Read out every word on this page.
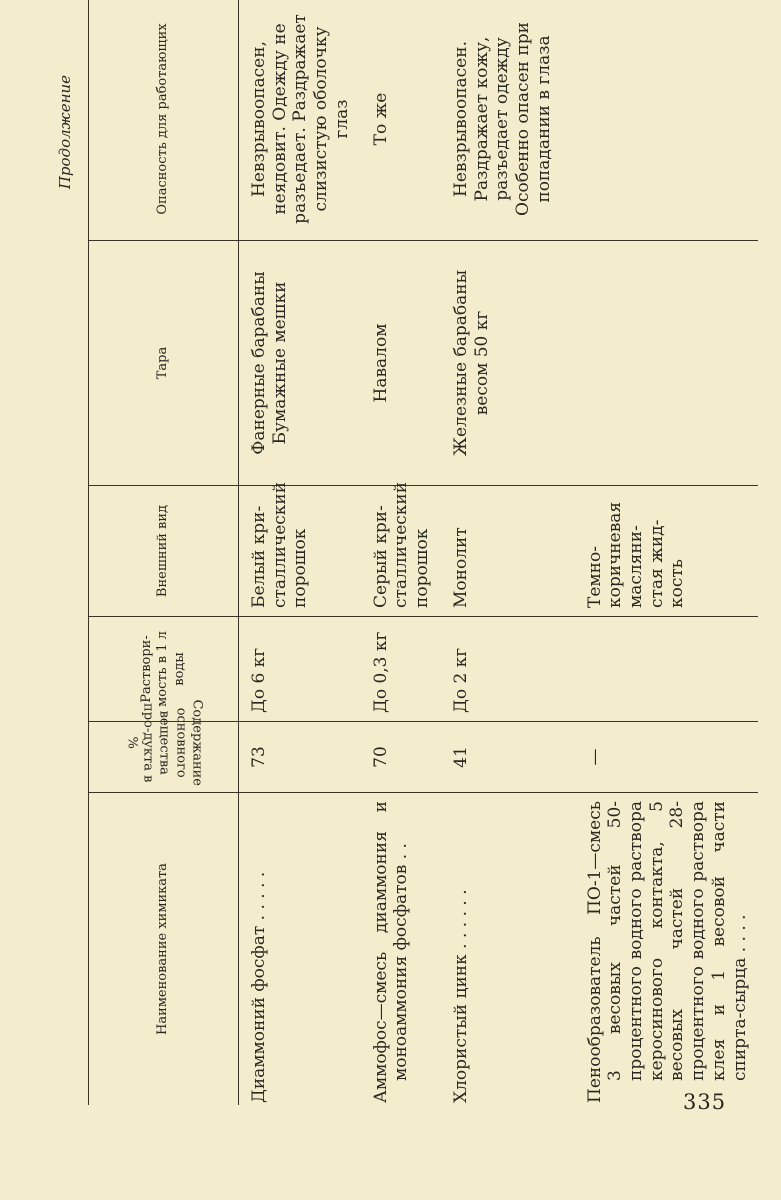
Продолжение
Наименование химиката	Содержание основного вещества про-дукта в %	Раствори-мость в 1 л воды	Внешний вид	Тара	Опасность для работающих
Диаммоний фосфат . . . . .	73	До 6 кг	Белый кри-сталлический порошок	Фанерные барабаны Бумажные мешки	Невзрывоопасен, неядовит. Одежду не разъедает. Раздражает слизистую оболочку глаз

Аммофос—смесь диаммония и моноаммония фосфатов . .	70	До 0,3 кг	Серый кри-сталлический порошок	Навалом	То же
Хлористый цинк . . . . . .	41	До 2 кг	Монолит	Железные барабаны весом 50 кг	Невзрывоопасен. Раздражает кожу, разъедает одежду Особенно опасен при попадании в глаза

Пенообразователь ПО-1—смесь 3 весовых частей 50-процентного водного раствора керосинового контакта, 5 весовых частей 28-процентного водного раствора клея и 1 весовой части спирта-сырца . . . .	—		Темно-коричневая масляни-стая жид-кость		
335
